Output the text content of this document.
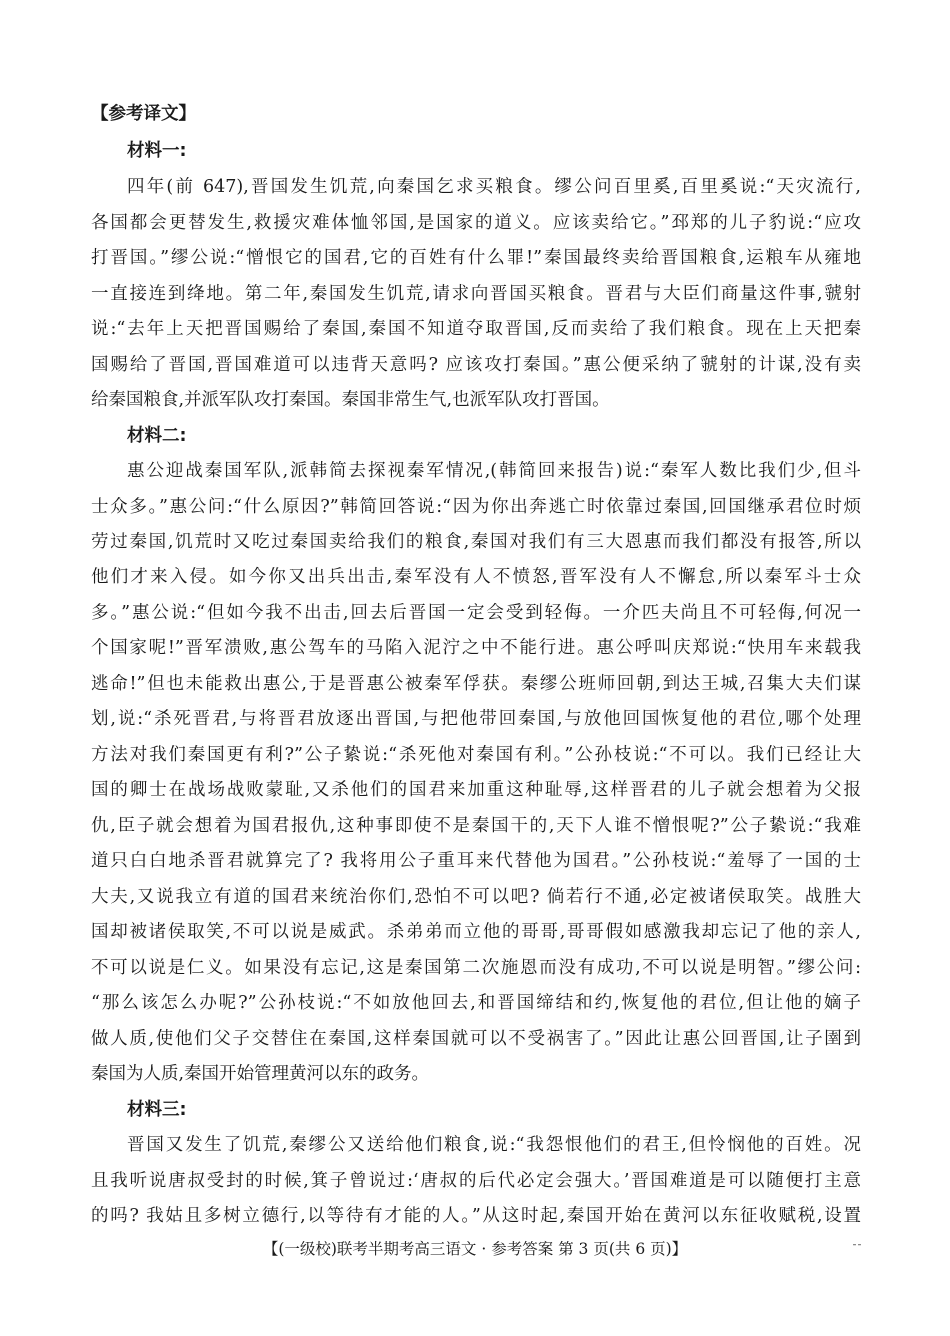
【参考译文】
材料一:
四年(前 647),晋国发生饥荒,向秦国乞求买粮食。缪公问百里奚,百里奚说:“天灾流行,
各国都会更替发生,救援灾难体恤邻国,是国家的道义。应该卖给它。”邳郑的儿子豹说:“应攻
打晋国。”缪公说:“憎恨它的国君,它的百姓有什么罪!”秦国最终卖给晋国粮食,运粮车从雍地
一直接连到绛地。第二年,秦国发生饥荒,请求向晋国买粮食。晋君与大臣们商量这件事,虢射
说:“去年上天把晋国赐给了秦国,秦国不知道夺取晋国,反而卖给了我们粮食。现在上天把秦
国赐给了晋国,晋国难道可以违背天意吗? 应该攻打秦国。”惠公便采纳了虢射的计谋,没有卖
给秦国粮食,并派军队攻打秦国。秦国非常生气,也派军队攻打晋国。
材料二:
惠公迎战秦国军队,派韩简去探视秦军情况,(韩简回来报告)说:“秦军人数比我们少,但斗
士众多。”惠公问:“什么原因?”韩简回答说:“因为你出奔逃亡时依靠过秦国,回国继承君位时烦
劳过秦国,饥荒时又吃过秦国卖给我们的粮食,秦国对我们有三大恩惠而我们都没有报答,所以
他们才来入侵。如今你又出兵出击,秦军没有人不愤怒,晋军没有人不懈怠,所以秦军斗士众
多。”惠公说:“但如今我不出击,回去后晋国一定会受到轻侮。一介匹夫尚且不可轻侮,何况一
个国家呢!”晋军溃败,惠公驾车的马陷入泥泞之中不能行进。惠公呼叫庆郑说:“快用车来载我
逃命!”但也未能救出惠公,于是晋惠公被秦军俘获。秦缪公班师回朝,到达王城,召集大夫们谋
划,说:“杀死晋君,与将晋君放逐出晋国,与把他带回秦国,与放他回国恢复他的君位,哪个处理
方法对我们秦国更有利?”公子絷说:“杀死他对秦国有利。”公孙枝说:“不可以。我们已经让大
国的卿士在战场战败蒙耻,又杀他们的国君来加重这种耻辱,这样晋君的儿子就会想着为父报
仇,臣子就会想着为国君报仇,这种事即使不是秦国干的,天下人谁不憎恨呢?”公子絷说:“我难
道只白白地杀晋君就算完了? 我将用公子重耳来代替他为国君。”公孙枝说:“羞辱了一国的士
大夫,又说我立有道的国君来统治你们,恐怕不可以吧? 倘若行不通,必定被诸侯取笑。战胜大
国却被诸侯取笑,不可以说是威武。杀弟弟而立他的哥哥,哥哥假如感激我却忘记了他的亲人,
不可以说是仁义。如果没有忘记,这是秦国第二次施恩而没有成功,不可以说是明智。”缪公问:
“那么该怎么办呢?”公孙枝说:“不如放他回去,和晋国缔结和约,恢复他的君位,但让他的嫡子
做人质,使他们父子交替住在秦国,这样秦国就可以不受祸害了。”因此让惠公回晋国,让子圉到
秦国为人质,秦国开始管理黄河以东的政务。
材料三:
晋国又发生了饥荒,秦缪公又送给他们粮食,说:“我怨恨他们的君王,但怜悯他的百姓。况
且我听说唐叔受封的时候,箕子曾说过:‘唐叔的后代必定会强大。’晋国难道是可以随便打主意
的吗? 我姑且多树立德行,以等待有才能的人。”从这时起,秦国开始在黄河以东征收赋税,设置
【(一级校)联考半期考高三语文 · 参考答案 第 3 页(共 6 页)】	ˉˉ
